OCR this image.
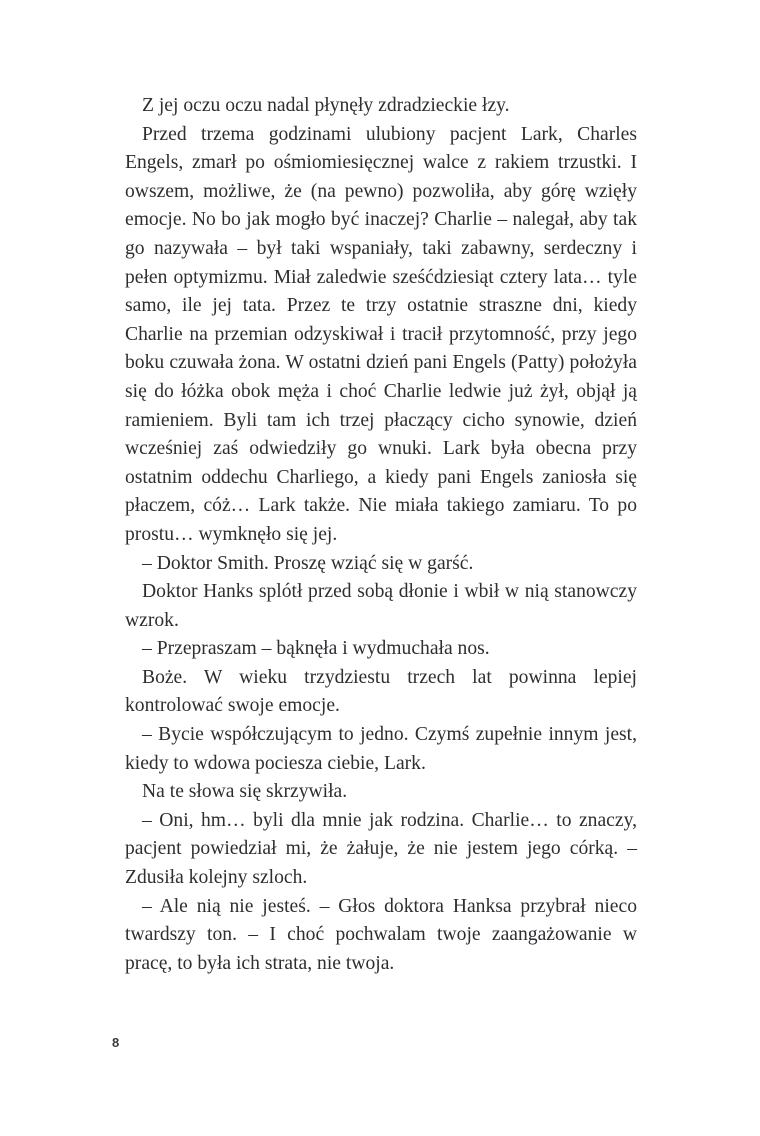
Z jej oczu oczu nadal płynęły zdradzieckie łzy.

Przed trzema godzinami ulubiony pacjent Lark, Charles Engels, zmarł po ośmiomiesięcznej walce z rakiem trzustki. I owszem, możliwe, że (na pewno) pozwoliła, aby górę wzięły emocje. No bo jak mogło być inaczej? Charlie – nalegał, aby tak go nazywała – był taki wspaniały, taki zabawny, serdeczny i pełen optymizmu. Miał zaledwie sześćdziesiąt cztery lata… tyle samo, ile jej tata. Przez te trzy ostatnie straszne dni, kiedy Charlie na przemian odzyskiwał i tracił przytomność, przy jego boku czuwała żona. W ostatni dzień pani Engels (Patty) położyła się do łóżka obok męża i choć Charlie ledwie już żył, objął ją ramieniem. Byli tam ich trzej płaczący cicho synowie, dzień wcześniej zaś odwiedziły go wnuki. Lark była obecna przy ostatnim oddechu Charliego, a kiedy pani Engels zaniosła się płaczem, cóż… Lark także. Nie miała takiego zamiaru. To po prostu… wymknęło się jej.

– Doktor Smith. Proszę wziąć się w garść.

Doktor Hanks splótł przed sobą dłonie i wbił w nią stanowczy wzrok.

– Przepraszam – bąknęła i wydmuchała nos.

Boże. W wieku trzydziestu trzech lat powinna lepiej kontrolować swoje emocje.

– Bycie współczującym to jedno. Czymś zupełnie innym jest, kiedy to wdowa pociesza ciebie, Lark.

Na te słowa się skrzywiła.

– Oni, hm… byli dla mnie jak rodzina. Charlie… to znaczy, pacjent powiedział mi, że żałuje, że nie jestem jego córką. – Zdusiła kolejny szloch.

– Ale nią nie jesteś. – Głos doktora Hanksa przybrał nieco twardszy ton. – I choć pochwalam twoje zaangażowanie w pracę, to była ich strata, nie twoja.

8
